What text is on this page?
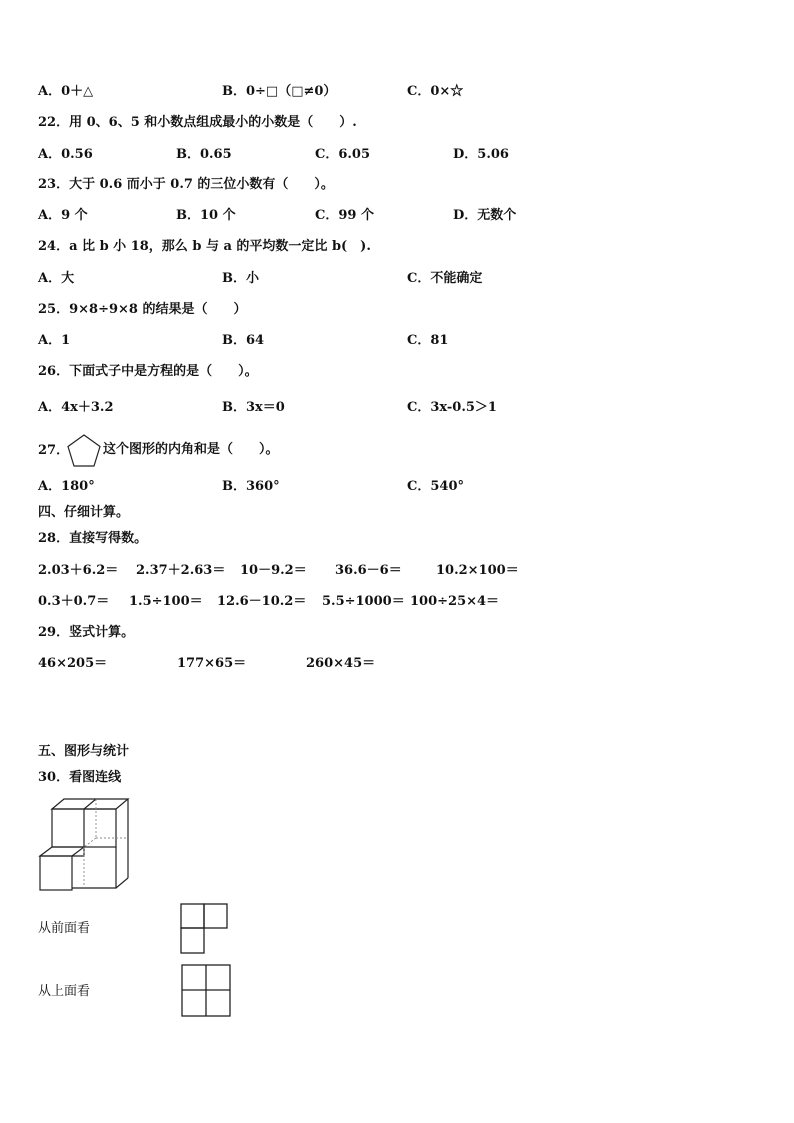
A．0＋△	B．0÷□（□≠0）	C．0×☆
22．用 0、6、5 和小数点组成最小的小数是（　　）.
A．0.56	B．0.65	C．6.05	D．5.06
23．大于 0.6 而小于 0.7 的三位小数有（　　）。
A．9 个	B．10 个	C．99 个	D．无数个
24．a 比 b 小 18，那么 b 与 a 的平均数一定比 b(　).
A．大	B．小	C．不能确定
25．9×8÷9×8 的结果是（　　）
A．1	B．64	C．81
26．下面式子中是方程的是（　　）。
A．4x＋3.2	B．3x＝0	C．3x-0.5＞1
27．	这个图形的内角和是（　　）。
A．180°	B．360°	C．540°
四、仔细计算。
28．直接写得数。
2.03＋6.2＝ 2.37＋2.63＝ 10－9.2＝ 36.6－6＝	10.2×100＝
0.3＋0.7＝ 1.5÷100＝ 12.6－10.2＝ 5.5÷1000＝ 100÷25×4＝
29．竖式计算。
46×205＝	177×65＝	260×45＝
五、图形与统计
30．看图连线
从前面看
从上面看
